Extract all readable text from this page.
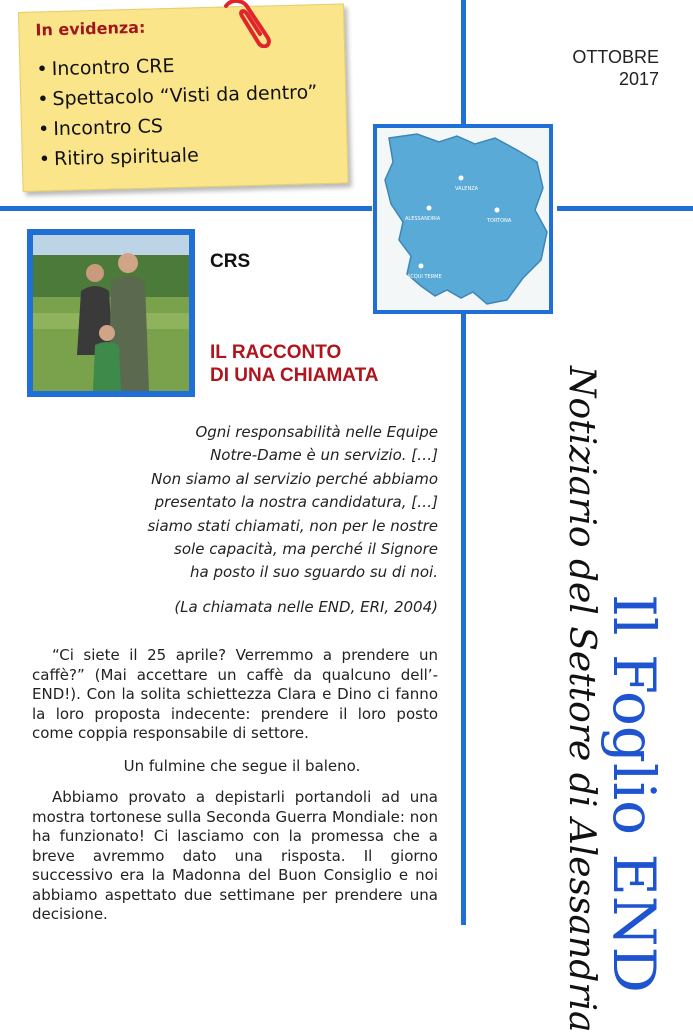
In evidenza:
• Incontro CRE
• Spettacolo “Visti da dentro”
• Incontro CS
• Ritiro spirituale
OTTOBRE
2017
VALENZA
ALESSANDRIA	TORTONA
ACQUI TERME
CRS
IL RACCONTO
DI UNA CHIAMATA
Ogni responsabilità nelle Equipe
Notre-Dame è un servizio. […]
Non siamo al servizio perché abbiamo
presentato la nostra candidatura, […]
siamo stati chiamati, non per le nostre
sole capacità, ma perché il Signore
ha posto il suo sguardo su di noi.
(La chiamata nelle END, ERI, 2004)
“Ci siete il 25 aprile? Verremmo a prendere un caffè?” (Mai accettare un caffè da qualcuno dell’-END!). Con la solita schiettezza Clara e Dino ci fanno la loro proposta indecente: prendere il loro posto come coppia responsabile di settore.
Un fulmine che segue il baleno.
Abbiamo provato a depistarli portandoli ad una mostra tortonese sulla Seconda Guerra Mondiale: non ha funzionato! Ci lasciamo con la promessa che a breve avremmo dato una risposta. Il giorno successivo era la Madonna del Buon Consiglio e noi abbiamo aspettato due settimane per prendere una decisione.	Notiziario del Settore di Alessandria
Il Foglio END
